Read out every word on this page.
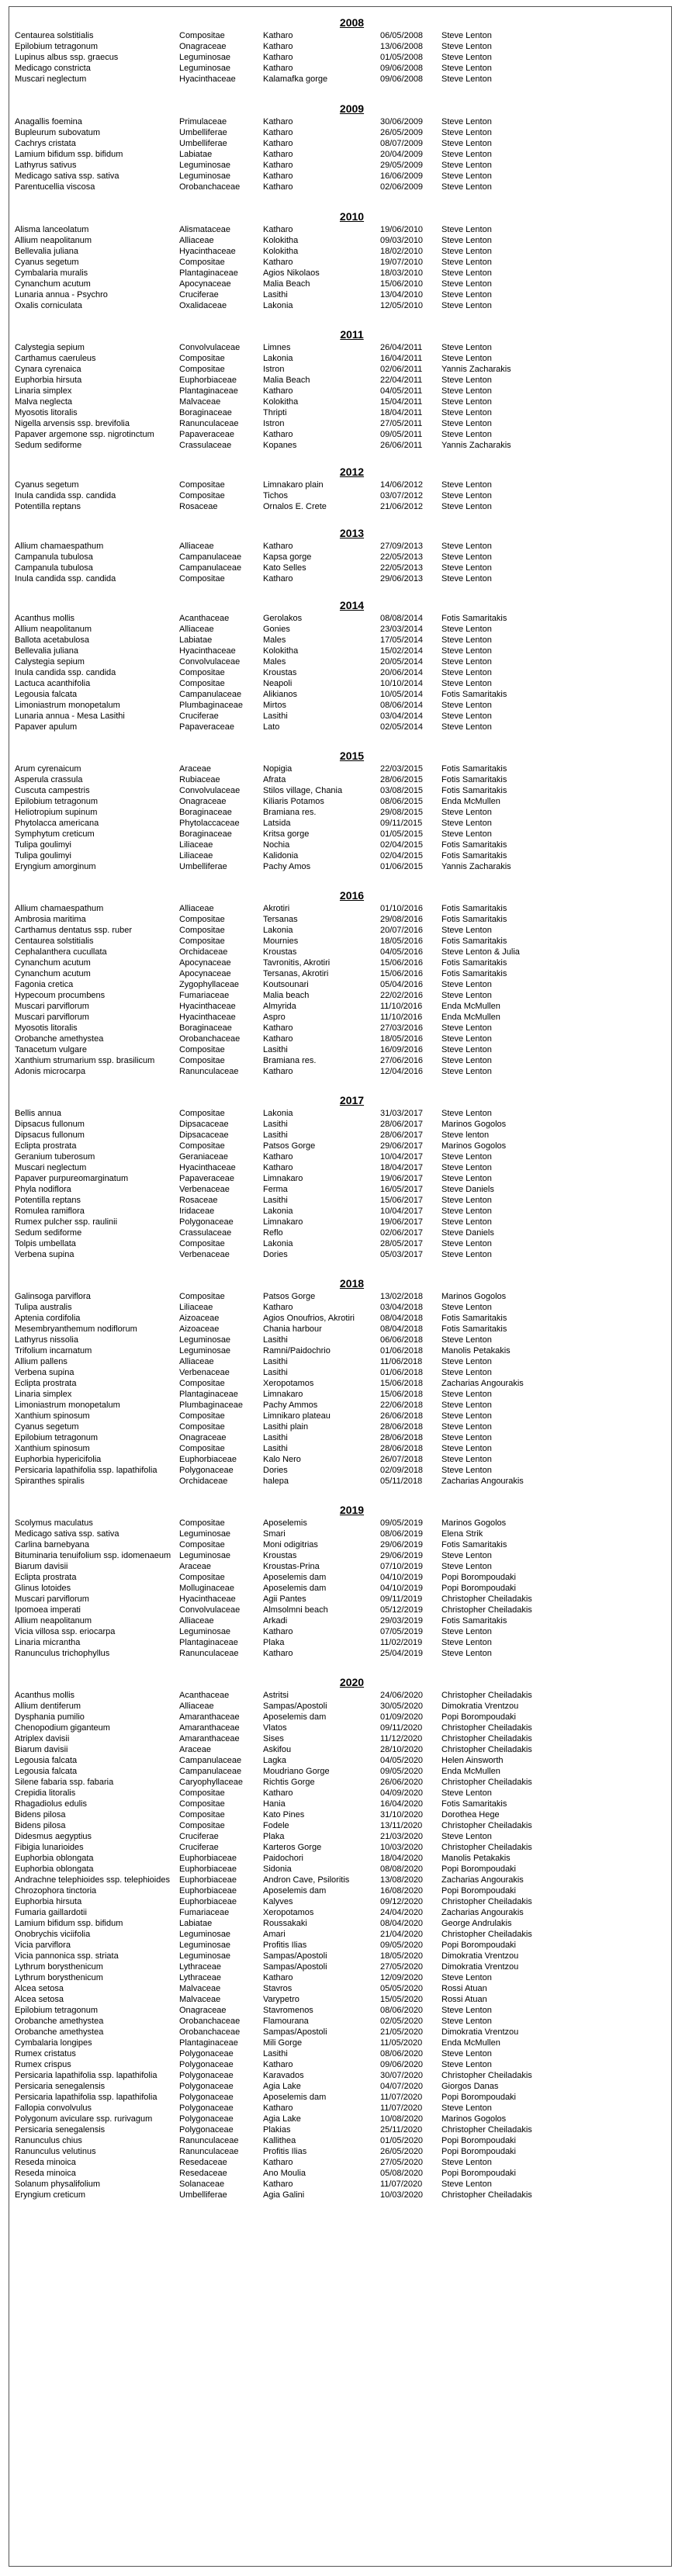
2008
Centaurea solstitialis	Compositae	Katharo	06/05/2008	Steve Lenton
Epilobium tetragonum	Onagraceae	Katharo	13/06/2008	Steve Lenton
Lupinus albus ssp. graecus	Leguminosae	Katharo	01/05/2008	Steve Lenton
Medicago constricta	Leguminosae	Katharo	09/06/2008	Steve Lenton
Muscari neglectum	Hyacinthaceae	Kalamafka gorge	09/06/2008	Steve Lenton
2009
Anagallis foemina	Primulaceae	Katharo	30/06/2009	Steve Lenton
Bupleurum subovatum	Umbelliferae	Katharo	26/05/2009	Steve Lenton
Cachrys cristata	Umbelliferae	Katharo	08/07/2009	Steve Lenton
Lamium bifidum ssp. bifidum	Labiatae	Katharo	20/04/2009	Steve Lenton
Lathyrus sativus	Leguminosae	Katharo	29/05/2009	Steve Lenton
Medicago sativa ssp. sativa	Leguminosae	Katharo	16/06/2009	Steve Lenton
Parentucellia viscosa	Orobanchaceae	Katharo	02/06/2009	Steve Lenton
2010
Alisma lanceolatum	Alismataceae	Katharo	19/06/2010	Steve Lenton
Allium neapolitanum	Alliaceae	Kolokitha	09/03/2010	Steve Lenton
Bellevalia juliana	Hyacinthaceae	Kolokitha	18/02/2010	Steve Lenton
Cyanus segetum	Compositae	Katharo	19/07/2010	Steve Lenton
Cymbalaria muralis	Plantaginaceae	Agios Nikolaos	18/03/2010	Steve Lenton
Cynanchum acutum	Apocynaceae	Malia Beach	15/06/2010	Steve Lenton
Lunaria annua - Psychro	Cruciferae	Lasithi	13/04/2010	Steve Lenton
Oxalis corniculata	Oxalidaceae	Lakonia	12/05/2010	Steve Lenton
2011
Calystegia sepium	Convolvulaceae	Limnes	26/04/2011	Steve Lenton
Carthamus caeruleus	Compositae	Lakonia	16/04/2011	Steve Lenton
Cynara cyrenaica	Compositae	Istron	02/06/2011	Yannis Zacharakis
Euphorbia hirsuta	Euphorbiaceae	Malia Beach	22/04/2011	Steve Lenton
Linaria simplex	Plantaginaceae	Katharo	04/05/2011	Steve Lenton
Malva neglecta	Malvaceae	Kolokitha	15/04/2011	Steve Lenton
Myosotis litoralis	Boraginaceae	Thripti	18/04/2011	Steve Lenton
Nigella arvensis ssp. brevifolia	Ranunculaceae	Istron	27/05/2011	Steve Lenton
Papaver argemone ssp. nigrotinctum	Papaveraceae	Katharo	09/05/2011	Steve Lenton
Sedum sediforme	Crassulaceae	Kopanes	26/06/2011	Yannis Zacharakis
2012
Cyanus segetum	Compositae	Limnakaro plain	14/06/2012	Steve Lenton
Inula candida ssp. candida	Compositae	Tichos	03/07/2012	Steve Lenton
Potentilla reptans	Rosaceae	Ornalos E. Crete	21/06/2012	Steve Lenton
2013
Allium chamaespathum	Alliaceae	Katharo	27/09/2013	Steve Lenton
Campanula tubulosa	Campanulaceae	Kapsa gorge	22/05/2013	Steve Lenton
Campanula tubulosa	Campanulaceae	Kato Selles	22/05/2013	Steve Lenton
Inula candida ssp. candida	Compositae	Katharo	29/06/2013	Steve Lenton
2014
Acanthus mollis	Acanthaceae	Gerolakos	08/08/2014	Fotis Samaritakis
Allium neapolitanum	Alliaceae	Gonies	23/03/2014	Steve Lenton
Ballota acetabulosa	Labiatae	Males	17/05/2014	Steve Lenton
Bellevalia juliana	Hyacinthaceae	Kolokitha	15/02/2014	Steve Lenton
Calystegia sepium	Convolvulaceae	Males	20/05/2014	Steve Lenton
Inula candida ssp. candida	Compositae	Kroustas	20/06/2014	Steve Lenton
Lactuca acanthifolia	Compositae	Neapoli	10/10/2014	Steve Lenton
Legousia falcata	Campanulaceae	Alikianos	10/05/2014	Fotis Samaritakis
Limoniastrum monopetalum	Plumbaginaceae	Mirtos	08/06/2014	Steve Lenton
Lunaria annua - Mesa Lasithi	Cruciferae	Lasithi	03/04/2014	Steve Lenton
Papaver apulum	Papaveraceae	Lato	02/05/2014	Steve Lenton
2015
Arum cyrenaicum	Araceae	Nopigia	22/03/2015	Fotis Samaritakis
Asperula crassula	Rubiaceae	Afrata	28/06/2015	Fotis Samaritakis
Cuscuta campestris	Convolvulaceae	Stilos village, Chania	03/08/2015	Fotis Samaritakis
Epilobium tetragonum	Onagraceae	Kiliaris Potamos	08/06/2015	Enda McMullen
Heliotropium supinum	Boraginaceae	Bramiana res.	29/08/2015	Steve Lenton
Phytolacca americana	Phytolaccaceae	Latsida	09/11/2015	Steve Lenton
Symphytum creticum	Boraginaceae	Kritsa gorge	01/05/2015	Steve Lenton
Tulipa goulimyi	Liliaceae	Nochia	02/04/2015	Fotis Samaritakis
Tulipa goulimyi	Liliaceae	Kalidonia	02/04/2015	Fotis Samaritakis
Eryngium amorginum	Umbelliferae	Pachy Amos	01/06/2015	Yannis Zacharakis
2016
Allium chamaespathum	Alliaceae	Akrotiri	01/10/2016	Fotis Samaritakis
Ambrosia maritima	Compositae	Tersanas	29/08/2016	Fotis Samaritakis
Carthamus dentatus ssp. ruber	Compositae	Lakonia	20/07/2016	Steve Lenton
Centaurea solstitialis	Compositae	Mournies	18/05/2016	Fotis Samaritakis
Cephalanthera cucullata	Orchidaceae	Kroustas	04/05/2016	Steve Lenton & Julia
Cynanchum acutum	Apocynaceae	Tavronitis, Akrotiri	15/06/2016	Fotis Samaritakis
Cynanchum acutum	Apocynaceae	Tersanas, Akrotiri	15/06/2016	Fotis Samaritakis
Fagonia cretica	Zygophyllaceae	Koutsounari	05/04/2016	Steve Lenton
Hypecoum procumbens	Fumariaceae	Malia beach	22/02/2016	Steve Lenton
Muscari parviflorum	Hyacinthaceae	Almyrida	11/10/2016	Enda McMullen
Muscari parviflorum	Hyacinthaceae	Aspro	11/10/2016	Enda McMullen
Myosotis litoralis	Boraginaceae	Katharo	27/03/2016	Steve Lenton
Orobanche amethystea	Orobanchaceae	Katharo	18/05/2016	Steve Lenton
Tanacetum vulgare	Compositae	Lasithi	16/09/2016	Steve Lenton
Xanthium strumarium ssp. brasilicum	Compositae	Bramiana res.	27/06/2016	Steve Lenton
Adonis microcarpa	Ranunculaceae	Katharo	12/04/2016	Steve Lenton
2017
Bellis annua	Compositae	Lakonia	31/03/2017	Steve Lenton
Dipsacus fullonum	Dipsacaceae	Lasithi	28/06/2017	Marinos Gogolos
Dipsacus fullonum	Dipsacaceae	Lasithi	28/06/2017	Steve lenton
Eclipta prostrata	Compositae	Patsos Gorge	29/06/2017	Marinos Gogolos
Geranium tuberosum	Geraniaceae	Katharo	10/04/2017	Steve Lenton
Muscari neglectum	Hyacinthaceae	Katharo	18/04/2017	Steve Lenton
Papaver purpureomarginatum	Papaveraceae	Limnakaro	19/06/2017	Steve Lenton
Phyla nodiflora	Verbenaceae	Ferma	16/05/2017	Steve Daniels
Potentilla reptans	Rosaceae	Lasithi	15/06/2017	Steve Lenton
Romulea ramiflora	Iridaceae	Lakonia	10/04/2017	Steve Lenton
Rumex pulcher ssp. raulinii	Polygonaceae	Limnakaro	19/06/2017	Steve Lenton
Sedum sediforme	Crassulaceae	Reflo	02/06/2017	Steve Daniels
Tolpis umbellata	Compositae	Lakonia	28/05/2017	Steve Lenton
Verbena supina	Verbenaceae	Dories	05/03/2017	Steve Lenton
2018
Galinsoga parviflora	Compositae	Patsos Gorge	13/02/2018	Marinos Gogolos
Tulipa australis	Liliaceae	Katharo	03/04/2018	Steve Lenton
Aptenia cordifolia	Aizoaceae	Agios Onoufrios, Akrotiri	08/04/2018	Fotis Samaritakis
Mesembryanthemum nodiflorum	Aizoaceae	Chania harbour	08/04/2018	Fotis Samaritakis
Lathyrus nissolia	Leguminosae	Lasithi	06/06/2018	Steve Lenton
Trifolium incarnatum	Leguminosae	Ramni/Paidochrio	01/06/2018	Manolis Petakakis
Allium pallens	Alliaceae	Lasithi	11/06/2018	Steve Lenton
Verbena supina	Verbenaceae	Lasithi	01/06/2018	Steve Lenton
Eclipta prostrata	Compositae	Xeropotamos	15/06/2018	Zacharias Angourakis
Linaria simplex	Plantaginaceae	Limnakaro	15/06/2018	Steve Lenton
Limoniastrum monopetalum	Plumbaginaceae	Pachy Ammos	22/06/2018	Steve Lenton
Xanthium spinosum	Compositae	Limnikaro plateau	26/06/2018	Steve Lenton
Cyanus segetum	Compositae	Lasithi plain	28/06/2018	Steve Lenton
Epilobium tetragonum	Onagraceae	Lasithi	28/06/2018	Steve Lenton
Xanthium spinosum	Compositae	Lasithi	28/06/2018	Steve Lenton
Euphorbia hypericifolia	Euphorbiaceae	Kalo Nero	26/07/2018	Steve Lenton
Persicaria lapathifolia ssp. lapathifolia	Polygonaceae	Dories	02/09/2018	Steve Lenton
Spiranthes spiralis	Orchidaceae	halepa	05/11/2018	Zacharias Angourakis
2019
Scolymus maculatus	Compositae	Aposelemis	09/05/2019	Marinos Gogolos
Medicago sativa ssp. sativa	Leguminosae	Smari	08/06/2019	Elena Strik
Carlina barnebyana	Compositae	Moni odigitrias	29/06/2019	Fotis Samaritakis
Bituminaria tenuifolium ssp. idomenaeum	Leguminosae	Kroustas	29/06/2019	Steve Lenton
Biarum davisii	Araceae	Kroustas-Prina	07/10/2019	Steve Lenton
Eclipta prostrata	Compositae	Aposelemis dam	04/10/2019	Popi Borompoudaki
Glinus lotoides	Molluginaceae	Aposelemis dam	04/10/2019	Popi Borompoudaki
Muscari parviflorum	Hyacinthaceae	Agii Pantes	09/11/2019	Christopher Cheiladakis
Ipomoea imperati	Convolvulaceae	Almsolmni beach	05/12/2019	Christopher Cheiladakis
Allium neapolitanum	Alliaceae	Arkadi	29/03/2019	Fotis Samaritakis
Vicia villosa ssp. eriocarpa	Leguminosae	Katharo	07/05/2019	Steve Lenton
Linaria micrantha	Plantaginaceae	Plaka	11/02/2019	Steve Lenton
Ranunculus trichophyllus	Ranunculaceae	Katharo	25/04/2019	Steve Lenton
2020
Acanthus mollis	Acanthaceae	Astritsi	24/06/2020	Christopher Cheiladakis
Allium dentiferum	Alliaceae	Sampas/Apostoli	30/05/2020	Dimokratia Vrentzou
Dysphania pumilio	Amaranthaceae	Aposelemis dam	01/09/2020	Popi Borompoudaki
Chenopodium giganteum	Amaranthaceae	Vlatos	09/11/2020	Christopher Cheiladakis
Atriplex davisii	Amaranthaceae	Sises	11/12/2020	Christopher Cheiladakis
Biarum davisii	Araceae	Askifou	28/10/2020	Christopher Cheiladakis
Legousia falcata	Campanulaceae	Lagka	04/05/2020	Helen Ainsworth
Legousia falcata	Campanulaceae	Moudriano Gorge	09/05/2020	Enda McMullen
Silene fabaria ssp. fabaria	Caryophyllaceae	Richtis Gorge	26/06/2020	Christopher Cheiladakis
Crepidia litoralis	Compositae	Katharo	04/09/2020	Steve Lenton
Rhagadiolus edulis	Compositae	Hania	16/04/2020	Fotis Samaritakis
Bidens pilosa	Compositae	Kato Pines	31/10/2020	Dorothea Hege
Bidens pilosa	Compositae	Fodele	13/11/2020	Christopher Cheiladakis
Didesmus aegyptius	Cruciferae	Plaka	21/03/2020	Steve Lenton
Fibigia lunarioides	Cruciferae	Karteros Gorge	10/03/2020	Christopher Cheiladakis
Euphorbia oblongata	Euphorbiaceae	Paidochori	18/04/2020	Manolis Petakakis
Euphorbia oblongata	Euphorbiaceae	Sidonia	08/08/2020	Popi Borompoudaki
Andrachne telephioides ssp. telephioides	Euphorbiaceae	Andron Cave, Psiloritis	13/08/2020	Zacharias Angourakis
Chrozophora tinctoria	Euphorbiaceae	Aposelemis dam	16/08/2020	Popi Borompoudaki
Euphorbia hirsuta	Euphorbiaceae	Kalyves	09/12/2020	Christopher Cheiladakis
Fumaria gaillardotii	Fumariaceae	Xeropotamos	24/04/2020	Zacharias Angourakis
Lamium bifidum ssp. bifidum	Labiatae	Roussakaki	08/04/2020	George Andrulakis
Onobrychis viciifolia	Leguminosae	Amari	21/04/2020	Christopher Cheiladakis
Vicia parviflora	Leguminosae	Profitis Ilias	09/05/2020	Popi Borompoudaki
Vicia pannonica ssp. striata	Leguminosae	Sampas/Apostoli	18/05/2020	Dimokratia Vrentzou
Lythrum borysthenicum	Lythraceae	Sampas/Apostoli	27/05/2020	Dimokratia Vrentzou
Lythrum borysthenicum	Lythraceae	Katharo	12/09/2020	Steve Lenton
Alcea setosa	Malvaceae	Stavros	05/05/2020	Rossi Atuan
Alcea setosa	Malvaceae	Varypetro	15/05/2020	Rossi Atuan
Epilobium tetragonum	Onagraceae	Stavromenos	08/06/2020	Steve Lenton
Orobanche amethystea	Orobanchaceae	Flamourana	02/05/2020	Steve Lenton
Orobanche amethystea	Orobanchaceae	Sampas/Apostoli	21/05/2020	Dimokratia Vrentzou
Cymbalaria longipes	Plantaginaceae	Mili Gorge	11/05/2020	Enda McMullen
Rumex cristatus	Polygonaceae	Lasithi	08/06/2020	Steve Lenton
Rumex crispus	Polygonaceae	Katharo	09/06/2020	Steve Lenton
Persicaria lapathifolia ssp. lapathifolia	Polygonaceae	Karavados	30/07/2020	Christopher Cheiladakis
Persicaria senegalensis	Polygonaceae	Agia Lake	04/07/2020	Giorgos Danas
Persicaria lapathifolia ssp. lapathifolia	Polygonaceae	Aposelemis dam	11/07/2020	Popi Borompoudaki
Fallopia convolvulus	Polygonaceae	Katharo	11/07/2020	Steve Lenton
Polygonum aviculare ssp. rurivagum	Polygonaceae	Agia Lake	10/08/2020	Marinos Gogolos
Persicaria senegalensis	Polygonaceae	Plakias	25/11/2020	Christopher Cheiladakis
Ranunculus chius	Ranunculaceae	Kallithea	01/05/2020	Popi Borompoudaki
Ranunculus velutinus	Ranunculaceae	Profitis Ilias	26/05/2020	Popi Borompoudaki
Reseda minoica	Resedaceae	Katharo	27/05/2020	Steve Lenton
Reseda minoica	Resedaceae	Ano Moulia	05/08/2020	Popi Borompoudaki
Solanum physalifolium	Solanaceae	Katharo	11/07/2020	Steve Lenton
Eryngium creticum	Umbelliferae	Agia Galini	10/03/2020	Christopher Cheiladakis
